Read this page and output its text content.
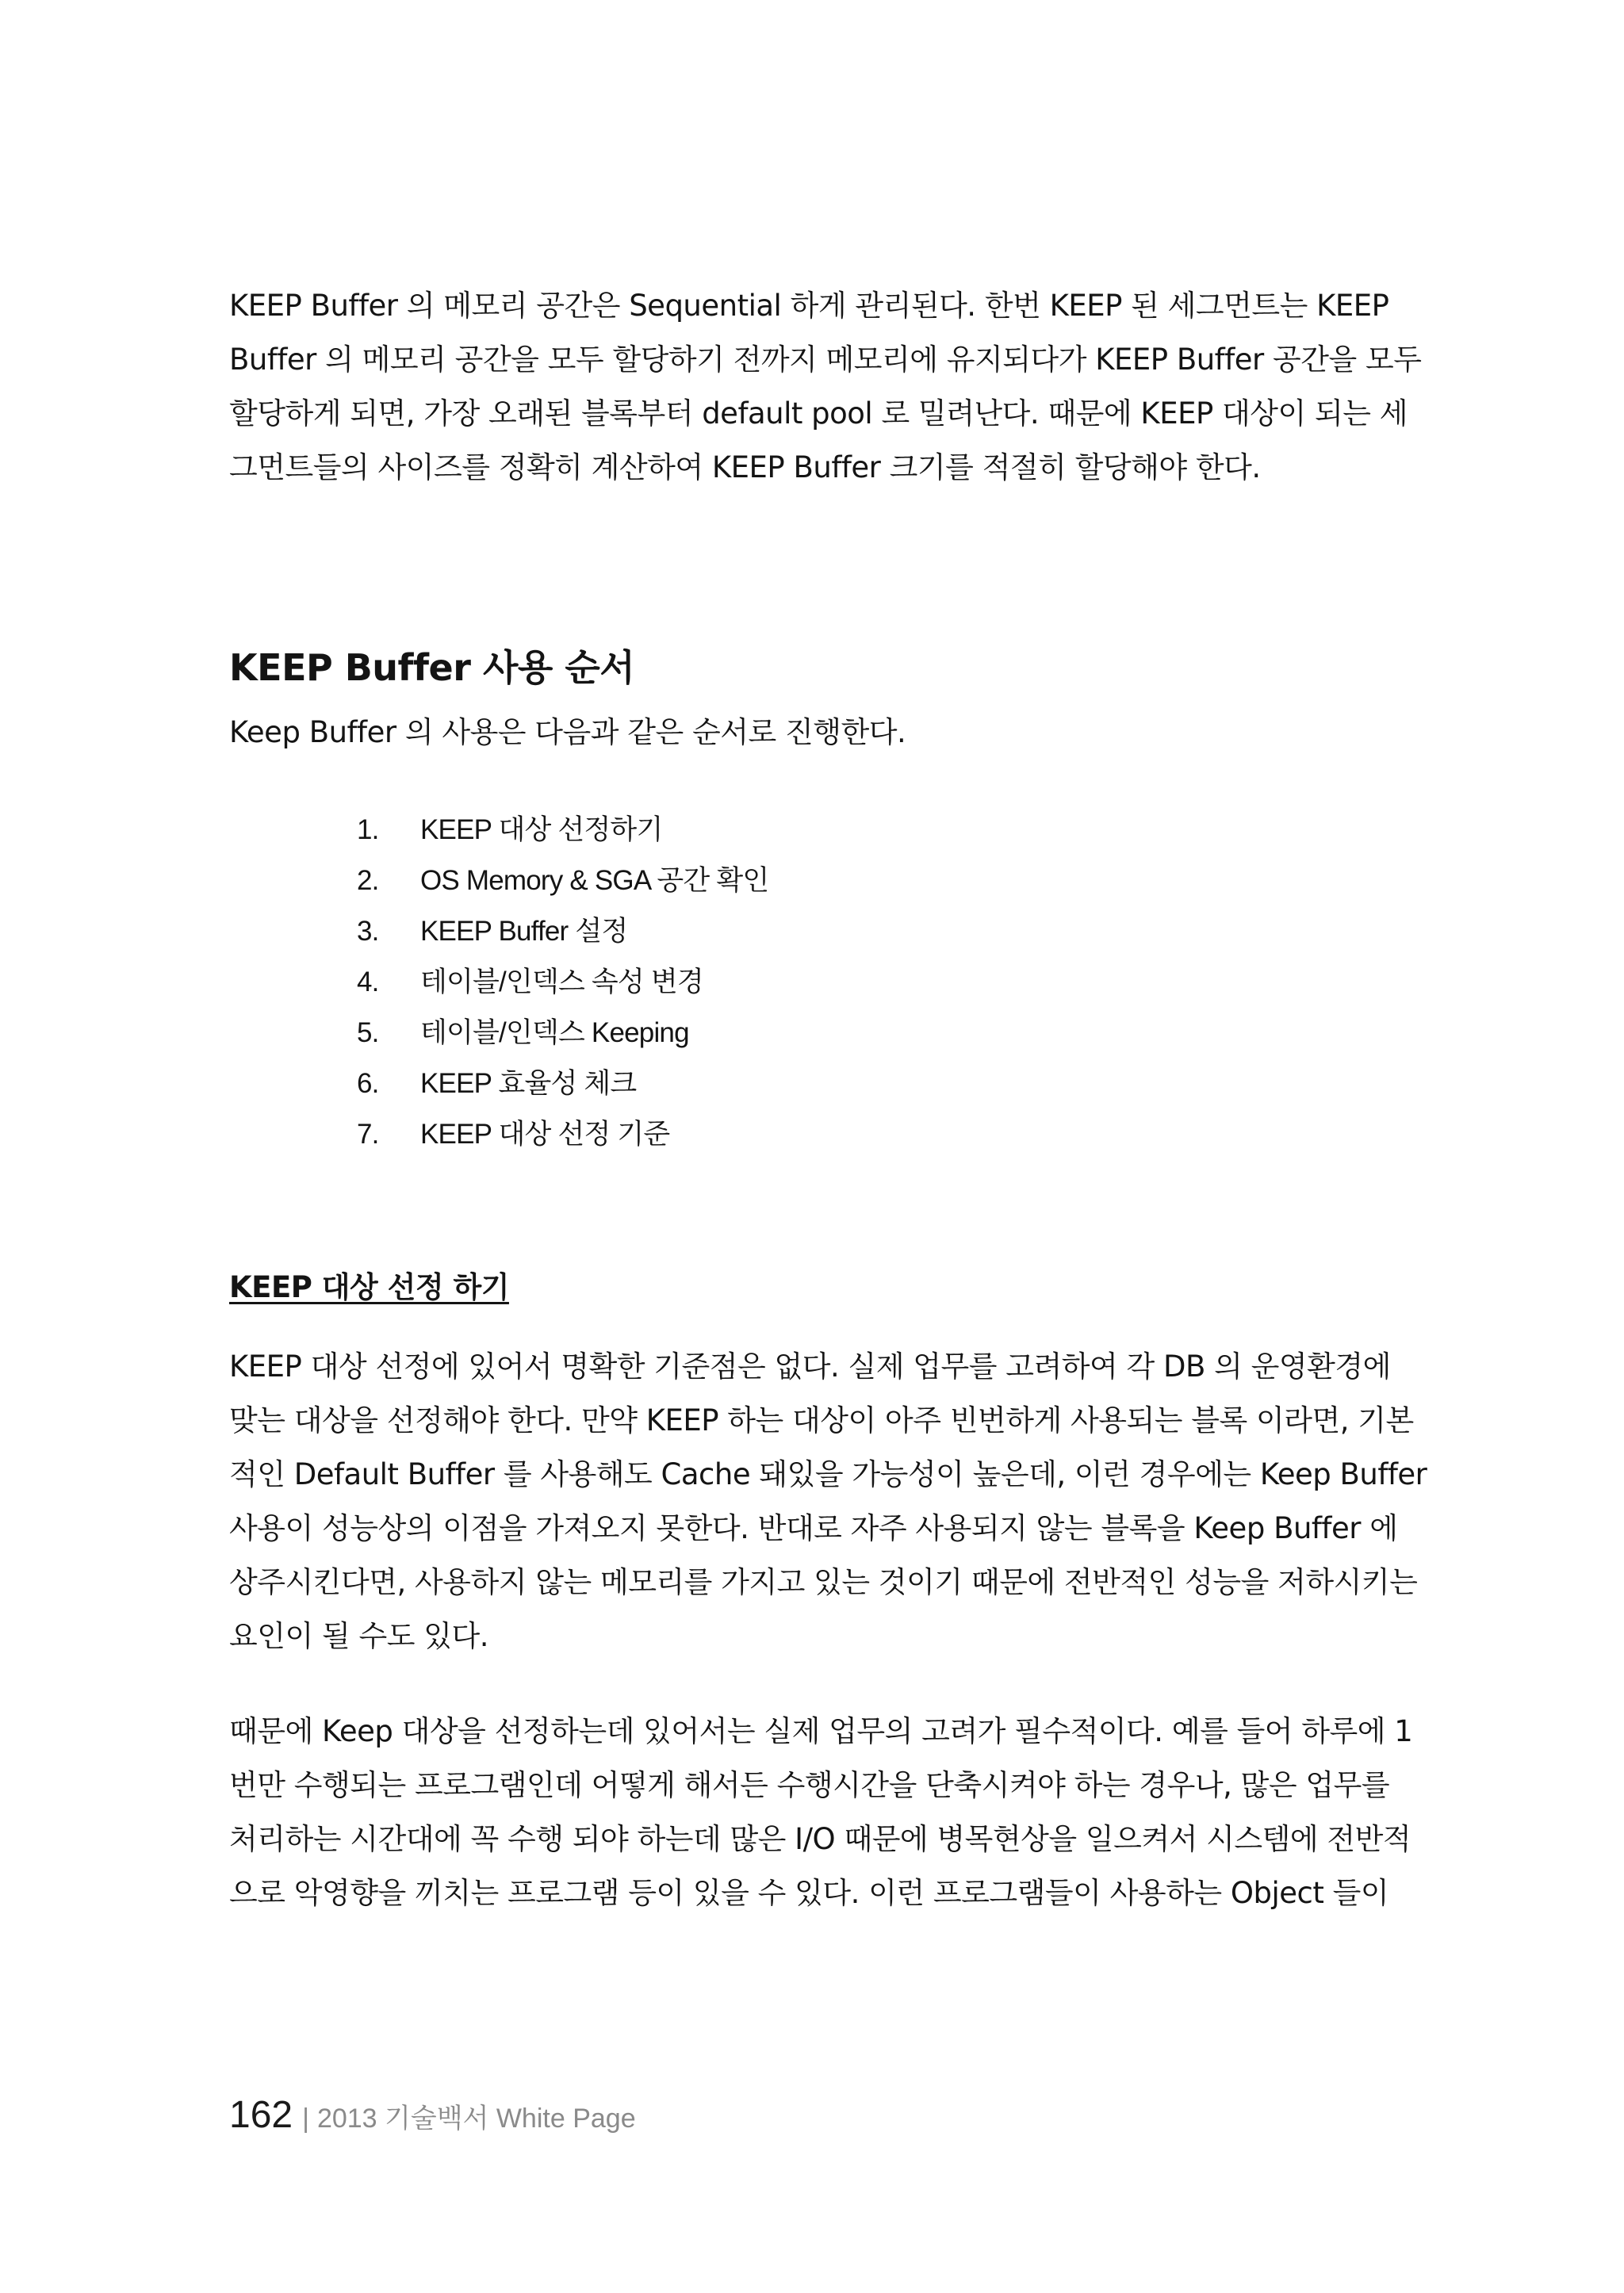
KEEP Buffer 의 메모리 공간은 Sequential 하게 관리된다. 한번 KEEP 된 세그먼트는 KEEP
Buffer 의 메모리 공간을 모두 할당하기 전까지 메모리에 유지되다가 KEEP Buffer 공간을 모두
할당하게 되면, 가장 오래된 블록부터 default pool 로 밀려난다. 때문에 KEEP 대상이 되는 세
그먼트들의 사이즈를 정확히 계산하여 KEEP Buffer 크기를 적절히 할당해야 한다.
KEEP Buffer 사용 순서
Keep Buffer 의 사용은 다음과 같은 순서로 진행한다.
1. KEEP 대상 선정하기
2. OS Memory & SGA 공간 확인
3. KEEP Buffer 설정
4. 테이블/인덱스 속성 변경
5. 테이블/인덱스 Keeping
6. KEEP 효율성 체크
7. KEEP 대상 선정 기준
KEEP 대상 선정 하기
KEEP 대상 선정에 있어서 명확한 기준점은 없다. 실제 업무를 고려하여 각 DB 의 운영환경에
맞는 대상을 선정해야 한다. 만약 KEEP 하는 대상이 아주 빈번하게 사용되는 블록 이라면, 기본
적인 Default Buffer 를 사용해도 Cache 돼있을 가능성이 높은데, 이런 경우에는 Keep Buffer
사용이 성능상의 이점을 가져오지 못한다. 반대로 자주 사용되지 않는 블록을 Keep Buffer 에
상주시킨다면, 사용하지 않는 메모리를 가지고 있는 것이기 때문에 전반적인 성능을 저하시키는
요인이 될 수도 있다.
때문에 Keep 대상을 선정하는데 있어서는 실제 업무의 고려가 필수적이다. 예를 들어 하루에 1
번만 수행되는 프로그램인데 어떻게 해서든 수행시간을 단축시켜야 하는 경우나, 많은 업무를
처리하는 시간대에 꼭 수행 되야 하는데 많은 I/O 때문에 병목현상을 일으켜서 시스템에 전반적
으로 악영향을 끼치는 프로그램 등이 있을 수 있다. 이런 프로그램들이 사용하는 Object 들이
162 | 2013 기술백서 White Page
